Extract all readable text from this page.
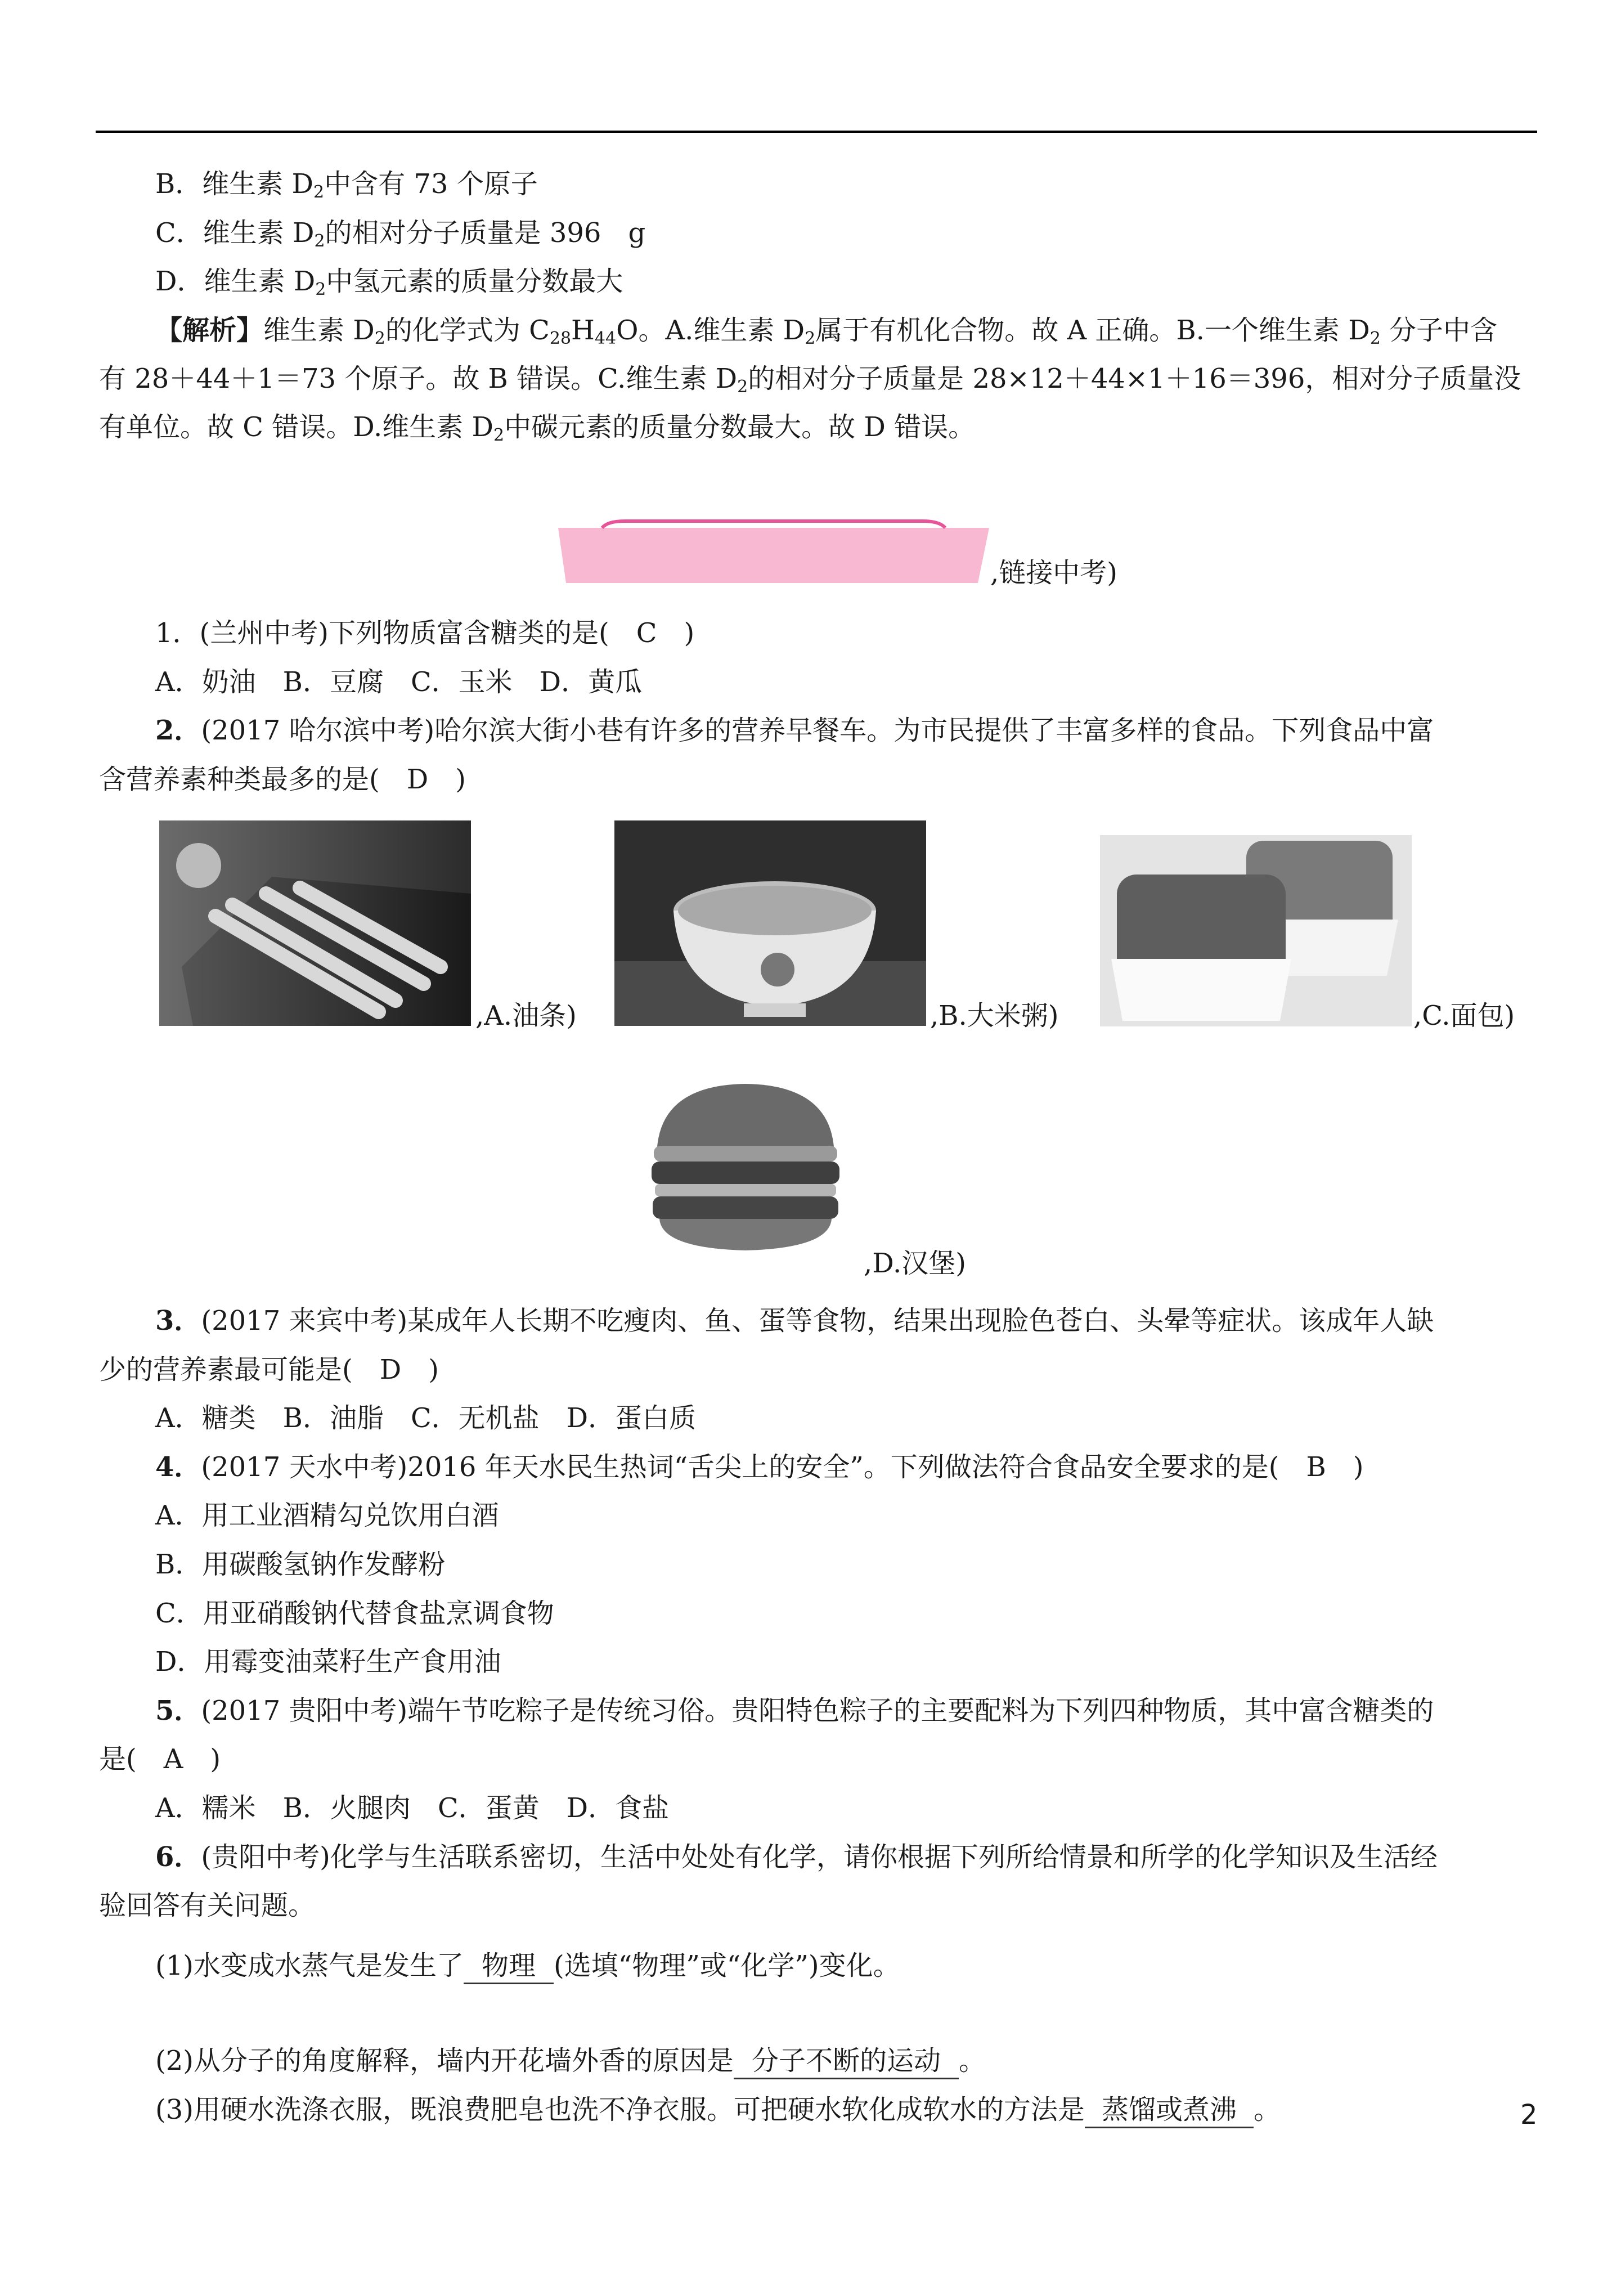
B．维生素 $D_2$中含有 73 个原子
C．维生素 $D_2$的相对分子质量是 396　g
D．维生素 $D_2$中氢元素的质量分数最大
【解析】维生素 $D_2$的化学式为 $C_{28}H_{44}O$。A.维生素 $D_2$属于有机化合物。故 A 正确。B.一个维生素 $D_2$ 分子中含
有 28＋44＋1＝73 个原子。故 B 错误。C.维生素 $D_2$的相对分子质量是 28×12＋44×1＋16＝396，相对分子质量没
有单位。故 C 错误。D.维生素 $D_2$中碳元素的质量分数最大。故 D 错误。
,链接中考)
1．(兰州中考)下列物质富含糖类的是(　C　)
A．奶油　B．豆腐　C．玉米　D．黄瓜
2．(2017 哈尔滨中考)哈尔滨大街小巷有许多的营养早餐车。为市民提供了丰富多样的食品。下列食品中富
含营养素种类最多的是(　D　)
,A.油条)	,B.大米粥)	,C.面包)
,D.汉堡)
3．(2017 来宾中考)某成年人长期不吃瘦肉、鱼、蛋等食物，结果出现脸色苍白、头晕等症状。该成年人缺
少的营养素最可能是(　D　)
A．糖类　B．油脂　C．无机盐　D．蛋白质
4．(2017 天水中考)2016 年天水民生热词“舌尖上的安全”。下列做法符合食品安全要求的是(　B　)
A．用工业酒精勾兑饮用白酒
B．用碳酸氢钠作发酵粉
C．用亚硝酸钠代替食盐烹调食物
D．用霉变油菜籽生产食用油
5．(2017 贵阳中考)端午节吃粽子是传统习俗。贵阳特色粽子的主要配料为下列四种物质，其中富含糖类的
是(　A　)
A．糯米　B．火腿肉　C．蛋黄　D．食盐
6．(贵阳中考)化学与生活联系密切，生活中处处有化学，请你根据下列所给情景和所学的化学知识及生活经
验回答有关问题。
(1)水变成水蒸气是发生了 物理 (选填“物理”或“化学”)变化。
(2)从分子的角度解释，墙内开花墙外香的原因是 分子不断的运动 。
(3)用硬水洗涤衣服，既浪费肥皂也洗不净衣服。可把硬水软化成软水的方法是 蒸馏或煮沸 。	2
